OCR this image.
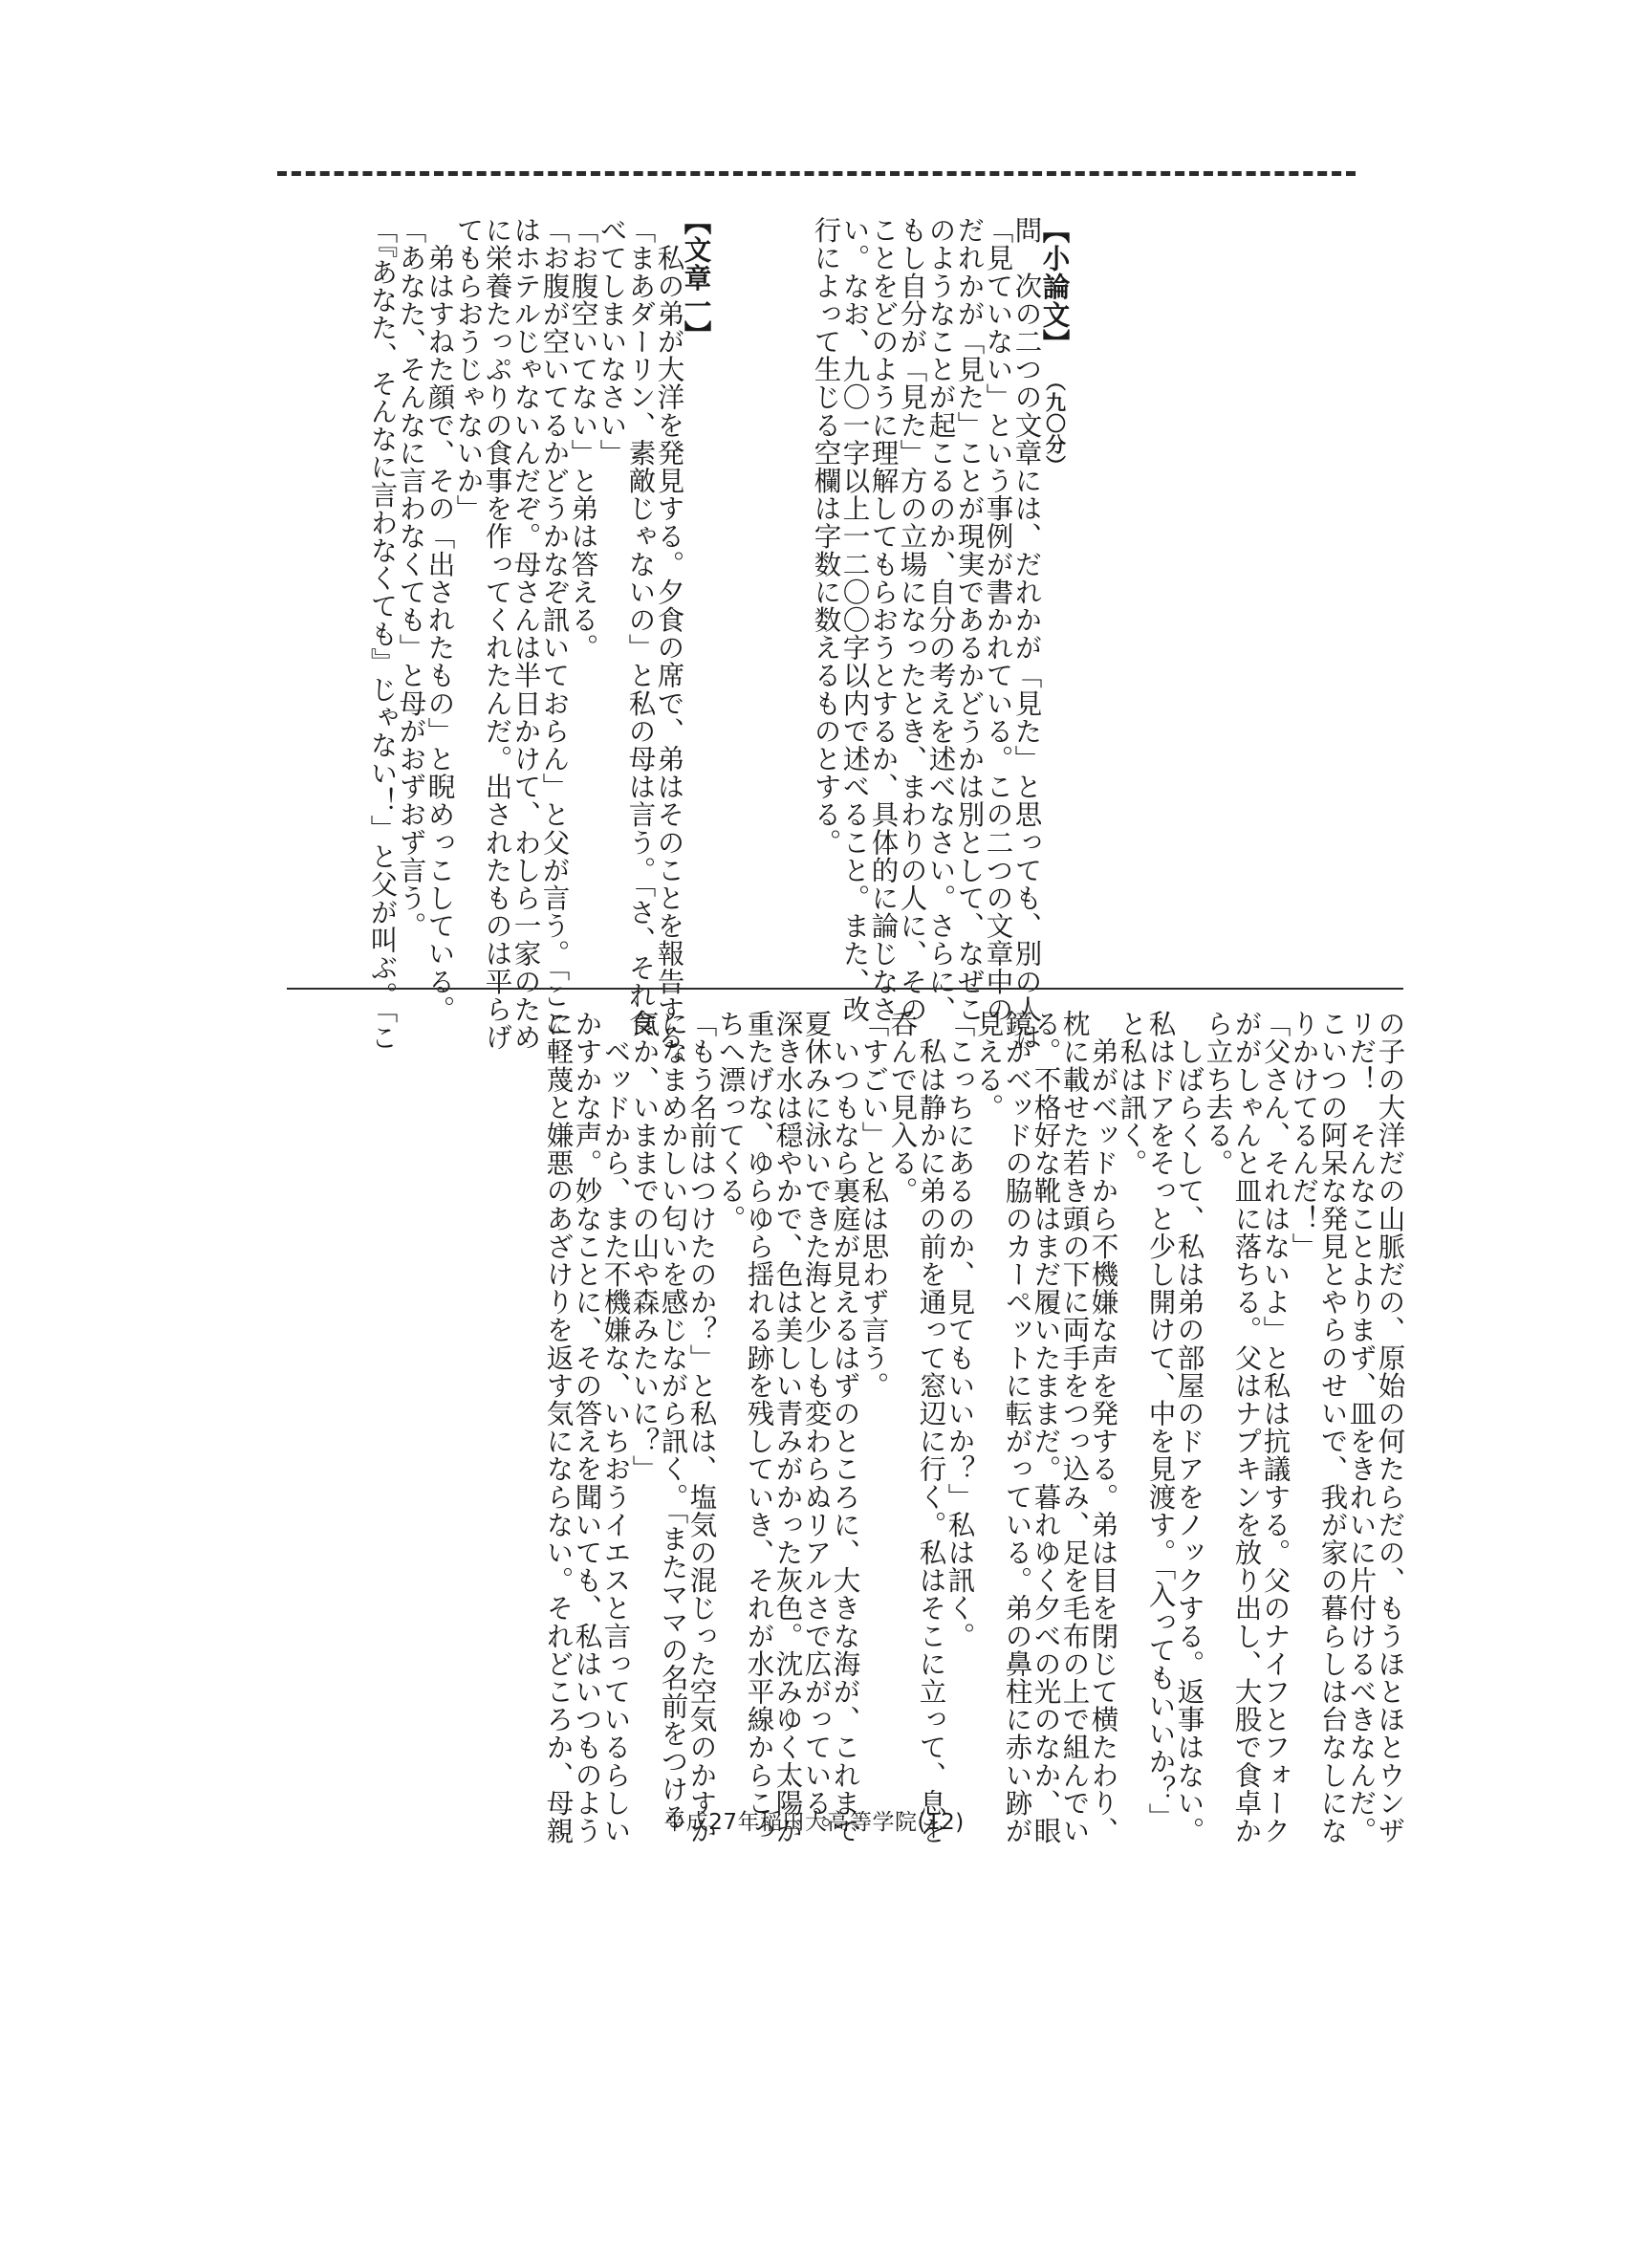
【小論文】（九〇分）
問　次の二つの文章には、だれかが「見た」と思っても、別の人は
「見ていない」という事例が書かれている。この二つの文章中の
だれかが「見た」ことが現実であるかどうかは別として、なぜこ
のようなことが起こるのか、自分の考えを述べなさい。さらに、
もし自分が「見た」方の立場になったとき、まわりの人に、その
ことをどのように理解してもらおうとするか、具体的に論じなさ
い。なお、九〇一字以上一二〇〇字以内で述べること。また、改
行によって生じる空欄は字数に数えるものとする。
【文章一】
　私の弟が大洋を発見する。夕食の席で、弟はそのことを報告する。
「まあダーリン、素敵じゃないの」と私の母は言う。「さ、それ食
べてしまいなさい」
「お腹空いてない」と弟は答える。
「お腹が空いてるかどうかなぞ訊いておらん」と父が言う。「ここ
はホテルじゃないんだぞ。母さんは半日かけて、わしら一家のため
に栄養たっぷりの食事を作ってくれたんだ。出されたものは平らげ
てもらおうじゃないか」
　弟はすねた顔で、その「出されたもの」と睨めっこしている。
「あなた、そんなに言わなくても」と母がおずおず言う。
「『あなた、そんなに言わなくても』じゃない！」と父が叫ぶ。「こ
の子の大洋だの山脈だの、原始の何たらだの、もうほとほとウンザ
リだ！　そんなことよりまず、皿をきれいに片付けるべきなんだ。
こいつの阿呆な発見とやらのせいで、我が家の暮らしは台なしにな
りかけてるんだ！」
「父さん、それはないよ」と私は抗議する。父のナイフとフォーク
ががしゃんと皿に落ちる。父はナプキンを放り出し、大股で食卓か
ら立ち去る。
　しばらくして、私は弟の部屋のドアをノックする。返事はない。
私はドアをそっと少し開けて、中を見渡す。「入ってもいいか？」
と私は訊く。
　弟がベッドから不機嫌な声を発する。弟は目を閉じて横たわり、
枕に載せた若き頭の下に両手をつっ込み、足を毛布の上で組んでい
る。不格好な靴はまだ履いたままだ。暮れゆく夕べの光のなか、眼
鏡がベッドの脇のカーペットに転がっている。弟の鼻柱に赤い跡が
見える。
「こっちにあるのか、見てもいいか？」私は訊く。
　私は静かに弟の前を通って窓辺に行く。私はそこに立って、息を
呑んで見入る。
「すごい」と私は思わず言う。
　いつもなら裏庭が見えるはずのところに、大きな海が、これまで
夏休みに泳いできた海と少しも変わらぬリアルさで広がっている。
深き水は穏やかで、色は美しい青みがかった灰色。沈みゆく太陽が
重たげな、ゆらゆら揺れる跡を残していき、それが水平線からこっ
ちへ漂ってくる。
「もう名前はつけたのか？」と私は、塩気の混じった空気のかすか
になまめかしい匂いを感じながら訊く。「またママの名前をつける
気か、いままでの山や森みたいに？」
　ベッドから、また不機嫌な、いちおうイエスと言っているらしい
かすかな声。妙なことに、その答えを聞いても、私はいつものよう
に軽蔑と嫌悪のあざけりを返す気にならない。それどころか、母親	平成27年稲田大高等学院(12)
